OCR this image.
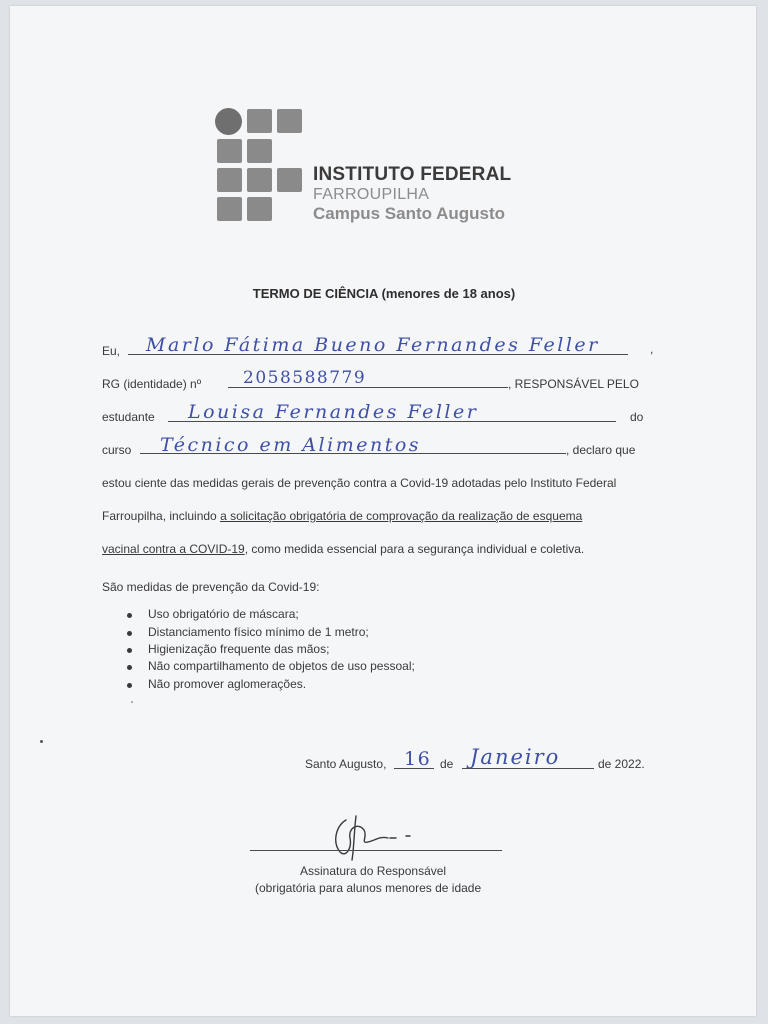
INSTITUTO FEDERAL
FARROUPILHA
Campus Santo Augusto
TERMO DE CIÊNCIA (menores de 18 anos)
Eu, Marlo Fátima Bueno Fernandes Feller	,
RG (identidade) nº 2058588779	, RESPONSÁVEL PELO
estudante Louisa Fernandes Feller	do
curso Técnico em Alimentos	, declaro que
estou ciente das medidas gerais de prevenção contra a Covid-19 adotadas pelo Instituto Federal
Farroupilha, incluindo a solicitação obrigatória de comprovação da realização de esquema
vacinal contra a COVID-19, como medida essencial para a segurança individual e coletiva.
São medidas de prevenção da Covid-19:
Uso obrigatório de máscara;
Distanciamento físico mínimo de 1 metro;
Higienização frequente das mãos;
Não compartilhamento de objetos de uso pessoal;
Não promover aglomerações.
Santo Augusto, 16 de Janeiro	de 2022.
Assinatura do Responsável
(obrigatória para alunos menores de idade
